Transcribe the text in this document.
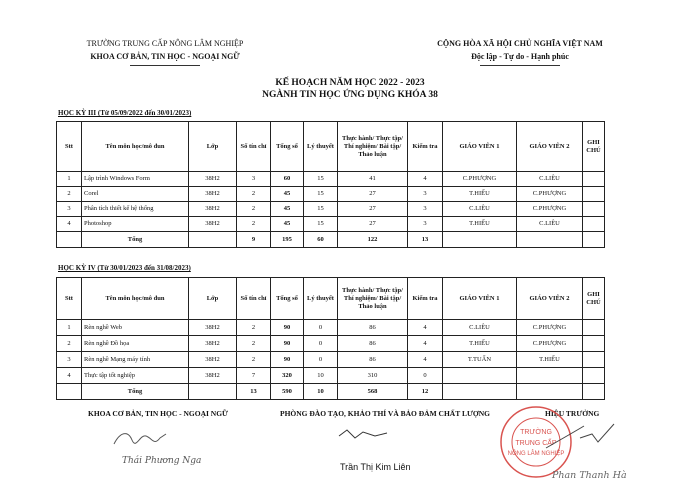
TRƯỜNG TRUNG CẤP NÔNG LÂM NGHIỆP
KHOA CƠ BẢN, TIN HỌC - NGOẠI NGỮ
CỘNG HÒA XÃ HỘI CHỦ NGHĨA VIỆT NAM
Độc lập - Tự do - Hạnh phúc
KẾ HOẠCH NĂM HỌC 2022 - 2023
NGÀNH TIN HỌC ỨNG DỤNG KHÓA 38
HỌC KỲ III (Từ 05/09/2022 đến 30/01/2023)
Stt	Tên môn học/mô đun	Lớp	Số tín chỉ	Tổng số	Lý thuyết	Thực hành/ Thực tập/ Thí nghiệm/ Bài tập/ Thảo luận	Kiểm tra	GIÁO VIÊN 1	GIÁO VIÊN 2	GHI CHÚ
1	Lập trình Windows Form	38H2	3	60	15	41	4	C.PHƯỢNG	C.LIÊU	
2	Corel	38H2	2	45	15	27	3	T.HIẾU	C.PHƯỢNG	
3	Phân tích thiết kế hệ thống	38H2	2	45	15	27	3	C.LIÊU	C.PHƯỢNG	
4	Photoshop	38H2	2	45	15	27	3	T.HIẾU	C.LIÊU	
	Tổng		9	195	60	122	13			
HỌC KỲ IV (Từ 30/01/2023 đến 31/08/2023)
Stt	Tên môn học/mô đun	Lớp	Số tín chỉ	Tổng số	Lý thuyết	Thực hành/ Thực tập/ Thí nghiệm/ Bài tập/ Thảo luận	Kiểm tra	GIÁO VIÊN 1	GIÁO VIÊN 2	GHI CHÚ
1	Rèn nghề Web	38H2	2	90	0	86	4	C.LIÊU	C.PHƯỢNG	
2	Rèn nghề Đồ họa	38H2	2	90	0	86	4	T.HIẾU	C.PHƯỢNG	
3	Rèn nghề Mạng máy tính	38H2	2	90	0	86	4	T.TUẤN	T.HIẾU	
4	Thực tập tốt nghiệp	38H2	7	320	10	310	0			
	Tổng		13	590	10	568	12			
KHOA CƠ BẢN, TIN HỌC - NGOẠI NGỮ
Thái Phương Nga
PHÒNG ĐÀO TẠO, KHẢO THÍ VÀ BẢO ĐẢM CHẤT LƯỢNG
Trần Thị Kim Liên
HIỆU TRƯỞNG
TRƯỜNG
TRUNG CẤP
NÔNG LÂM NGHIỆP
Phan Thanh Hà
